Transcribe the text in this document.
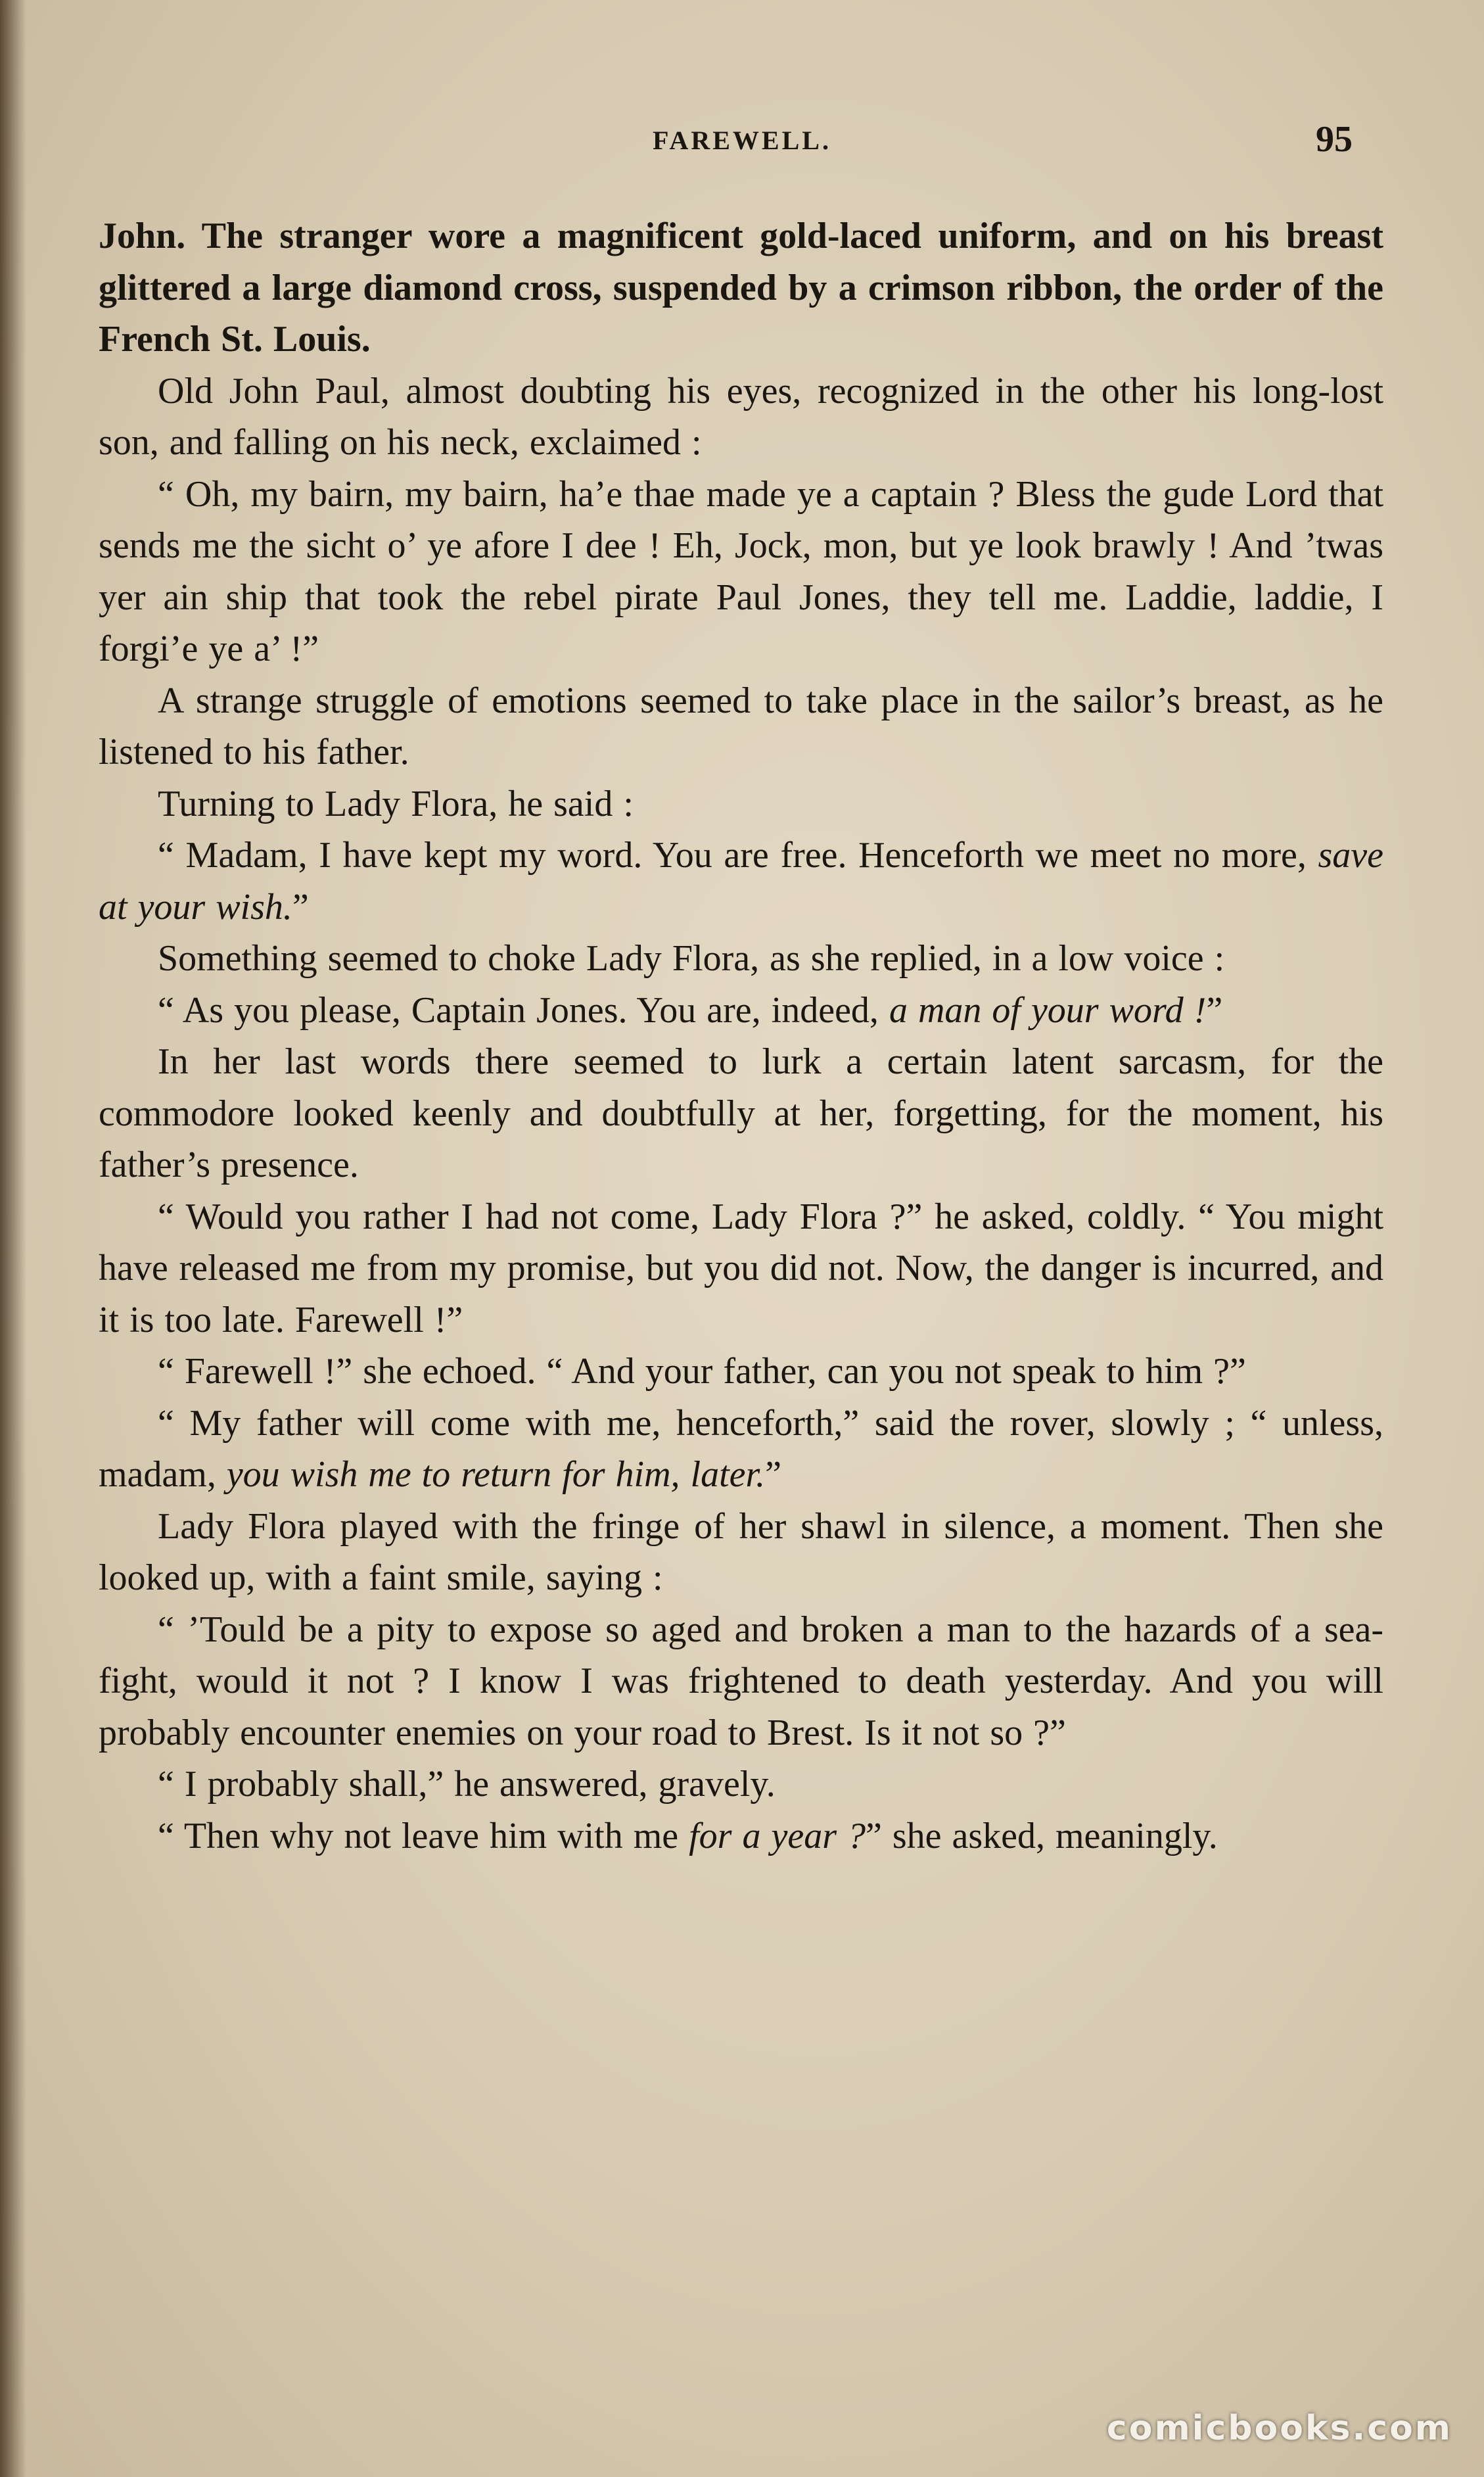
FAREWELL.	95

John. The stranger wore a magnificent gold-laced uniform, and on his breast glittered a large diamond cross, suspended by a crimson ribbon, the order of the French St. Louis.

Old John Paul, almost doubting his eyes, recognized in the other his long-lost son, and falling on his neck, exclaimed :

“ Oh, my bairn, my bairn, ha’e thae made ye a captain ? Bless the gude Lord that sends me the sicht o’ ye afore I dee ! Eh, Jock, mon, but ye look brawly ! And ’twas yer ain ship that took the rebel pirate Paul Jones, they tell me. Laddie, laddie, I forgi’e ye a’ !”

A strange struggle of emotions seemed to take place in the sailor’s breast, as he listened to his father.

Turning to Lady Flora, he said :

“ Madam, I have kept my word. You are free. Henceforth we meet no more, save at your wish.”

Something seemed to choke Lady Flora, as she replied, in a low voice :

“ As you please, Captain Jones. You are, indeed, a man of your word !”

In her last words there seemed to lurk a certain latent sarcasm, for the commodore looked keenly and doubtfully at her, forgetting, for the moment, his father’s presence.

“ Would you rather I had not come, Lady Flora ?” he asked, coldly. “ You might have released me from my promise, but you did not. Now, the danger is incurred, and it is too late. Farewell !”

“ Farewell !” she echoed. “ And your father, can you not speak to him ?”

“ My father will come with me, henceforth,” said the rover, slowly ; “ unless, madam, you wish me to return for him, later.”

Lady Flora played with the fringe of her shawl in silence, a moment. Then she looked up, with a faint smile, saying :

“ ’Tould be a pity to expose so aged and broken a man to the hazards of a sea-fight, would it not ? I know I was frightened to death yesterday. And you will probably encounter enemies on your road to Brest. Is it not so ?”

“ I probably shall,” he answered, gravely.

“ Then why not leave him with me for a year ?” she asked, meaningly.

comicbooks.com
